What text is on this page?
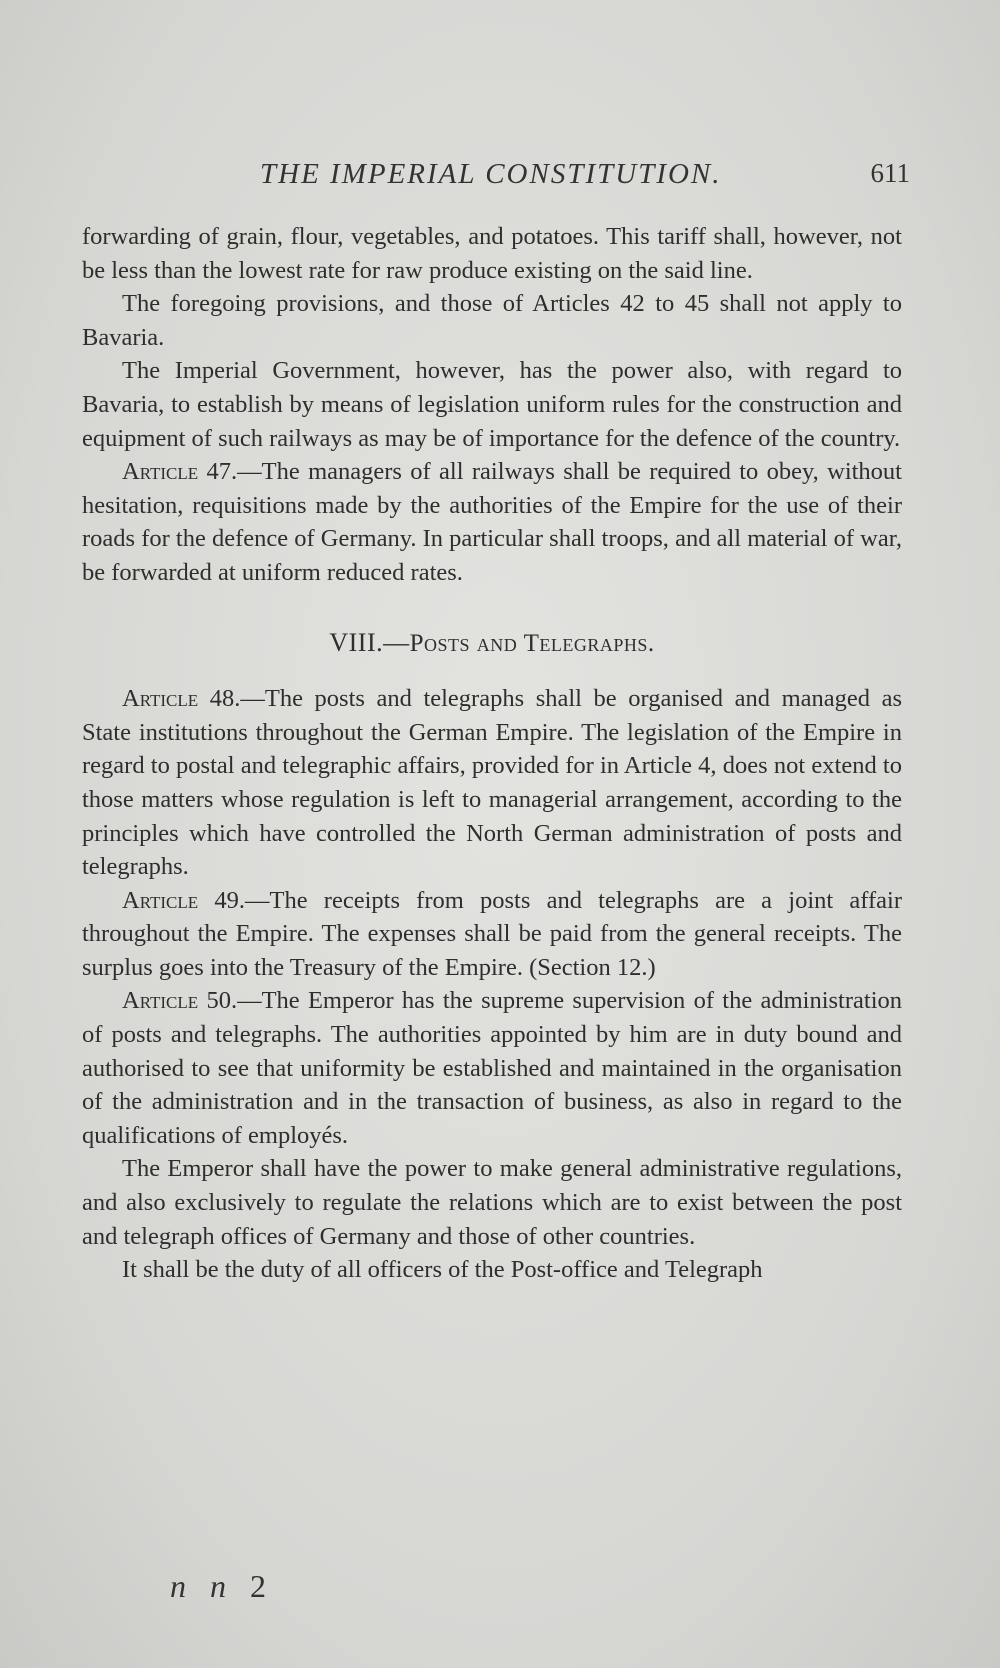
THE IMPERIAL CONSTITUTION.	611

forwarding of grain, flour, vegetables, and potatoes. This tariff shall, however, not be less than the lowest rate for raw produce existing on the said line.

The foregoing provisions, and those of Articles 42 to 45 shall not apply to Bavaria.

The Imperial Government, however, has the power also, with regard to Bavaria, to establish by means of legislation uniform rules for the construction and equipment of such railways as may be of importance for the defence of the country.

Article 47.—The managers of all railways shall be required to obey, without hesitation, requisitions made by the authorities of the Empire for the use of their roads for the defence of Germany. In particular shall troops, and all material of war, be forwarded at uniform reduced rates.

VIII.—Posts and Telegraphs.

Article 48.—The posts and telegraphs shall be organised and managed as State institutions throughout the German Empire. The legislation of the Empire in regard to postal and telegraphic affairs, provided for in Article 4, does not extend to those matters whose regulation is left to managerial arrangement, according to the principles which have controlled the North German administration of posts and telegraphs.

Article 49.—The receipts from posts and telegraphs are a joint affair throughout the Empire. The expenses shall be paid from the general receipts. The surplus goes into the Treasury of the Empire. (Section 12.)

Article 50.—The Emperor has the supreme supervision of the administration of posts and telegraphs. The authorities appointed by him are in duty bound and authorised to see that uniformity be established and maintained in the organisation of the administration and in the transaction of business, as also in regard to the qualifications of employés.

The Emperor shall have the power to make general administrative regulations, and also exclusively to regulate the relations which are to exist between the post and telegraph offices of Germany and those of other countries.

It shall be the duty of all officers of the Post-office and Telegraph

n n 2
